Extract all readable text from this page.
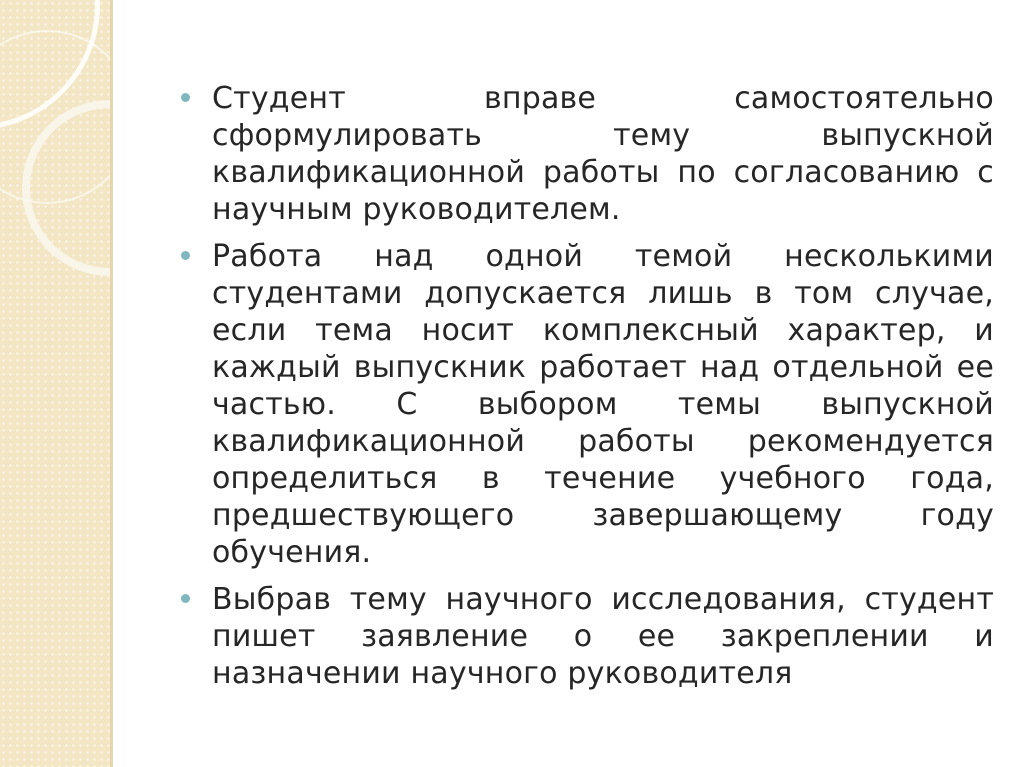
Студент вправе самостоятельно сформулировать тему выпускной квалификационной работы по согласованию с научным руководителем.
Работа над одной темой несколькими студентами допускается лишь в том случае, если тема носит комплексный характер, и каждый выпускник работает над отдельной ее частью. С выбором темы выпускной квалификационной работы рекомендуется определиться в течение учебного года, предшествующего завершающему году обучения.
Выбрав тему научного исследования, студент пишет заявление о ее закреплении и назначении научного руководителя
